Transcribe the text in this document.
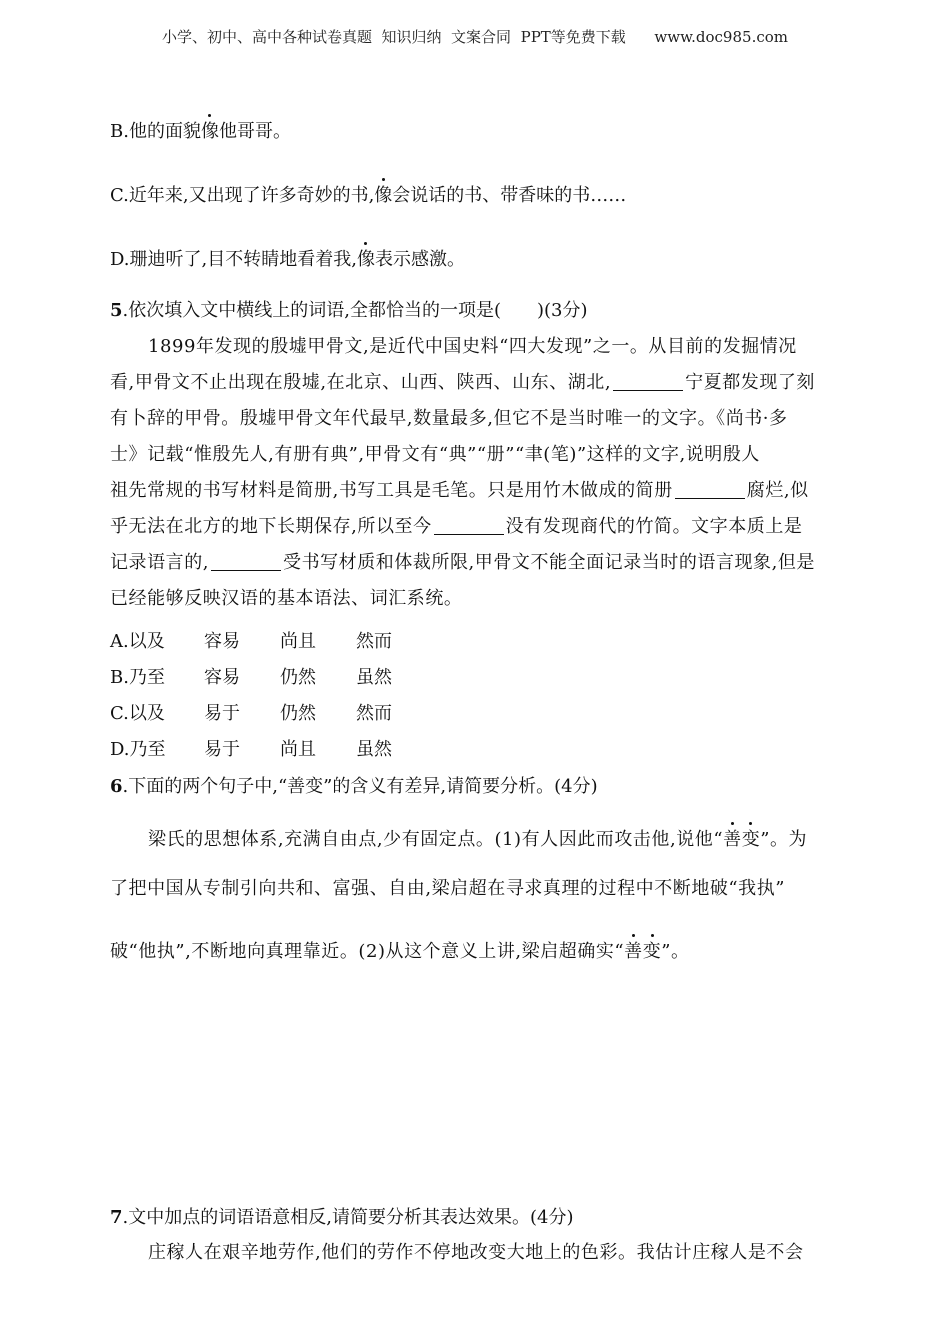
小学、初中、高中各种试卷真题  知识归纳  文案合同  PPT等免费下载      www.doc985.com
B.他的面貌像他哥哥。
C.近年来,又出现了许多奇妙的书,像会说话的书、带香味的书……
D.珊迪听了,目不转睛地看着我,像表示感激。
5.依次填入文中横线上的词语,全都恰当的一项是(　　)(3分)
1899年发现的殷墟甲骨文,是近代中国史料“四大发现”之一。从目前的发掘情况
看,甲骨文不止出现在殷墟,在北京、山西、陕西、山东、湖北,	宁夏都发现了刻
有卜辞的甲骨。殷墟甲骨文年代最早,数量最多,但它不是当时唯一的文字。《尚书·多
士》记载“惟殷先人,有册有典”,甲骨文有“典”“册”“聿(笔)”这样的文字,说明殷人
祖先常规的书写材料是简册,书写工具是毛笔。只是用竹木做成的简册	腐烂,似
乎无法在北方的地下长期保存,所以至今	没有发现商代的竹简。文字本质上是
记录语言的,	受书写材质和体裁所限,甲骨文不能全面记录当时的语言现象,但是
已经能够反映汉语的基本语法、词汇系统。
A.以及 容易 尚且 然而
B.乃至 容易 仍然 虽然
C.以及 易于 仍然 然而
D.乃至 易于 尚且 虽然
6.下面的两个句子中,“善变”的含义有差异,请简要分析。(4分)
梁氏的思想体系,充满自由点,少有固定点。(1)有人因此而攻击他,说他“善变”。为
了把中国从专制引向共和、富强、自由,梁启超在寻求真理的过程中不断地破“我执”
破“他执”,不断地向真理靠近。(2)从这个意义上讲,梁启超确实“善变”。
7.文中加点的词语语意相反,请简要分析其表达效果。(4分)
庄稼人在艰辛地劳作,他们的劳作不停地改变大地上的色彩。我估计庄稼人是不会
